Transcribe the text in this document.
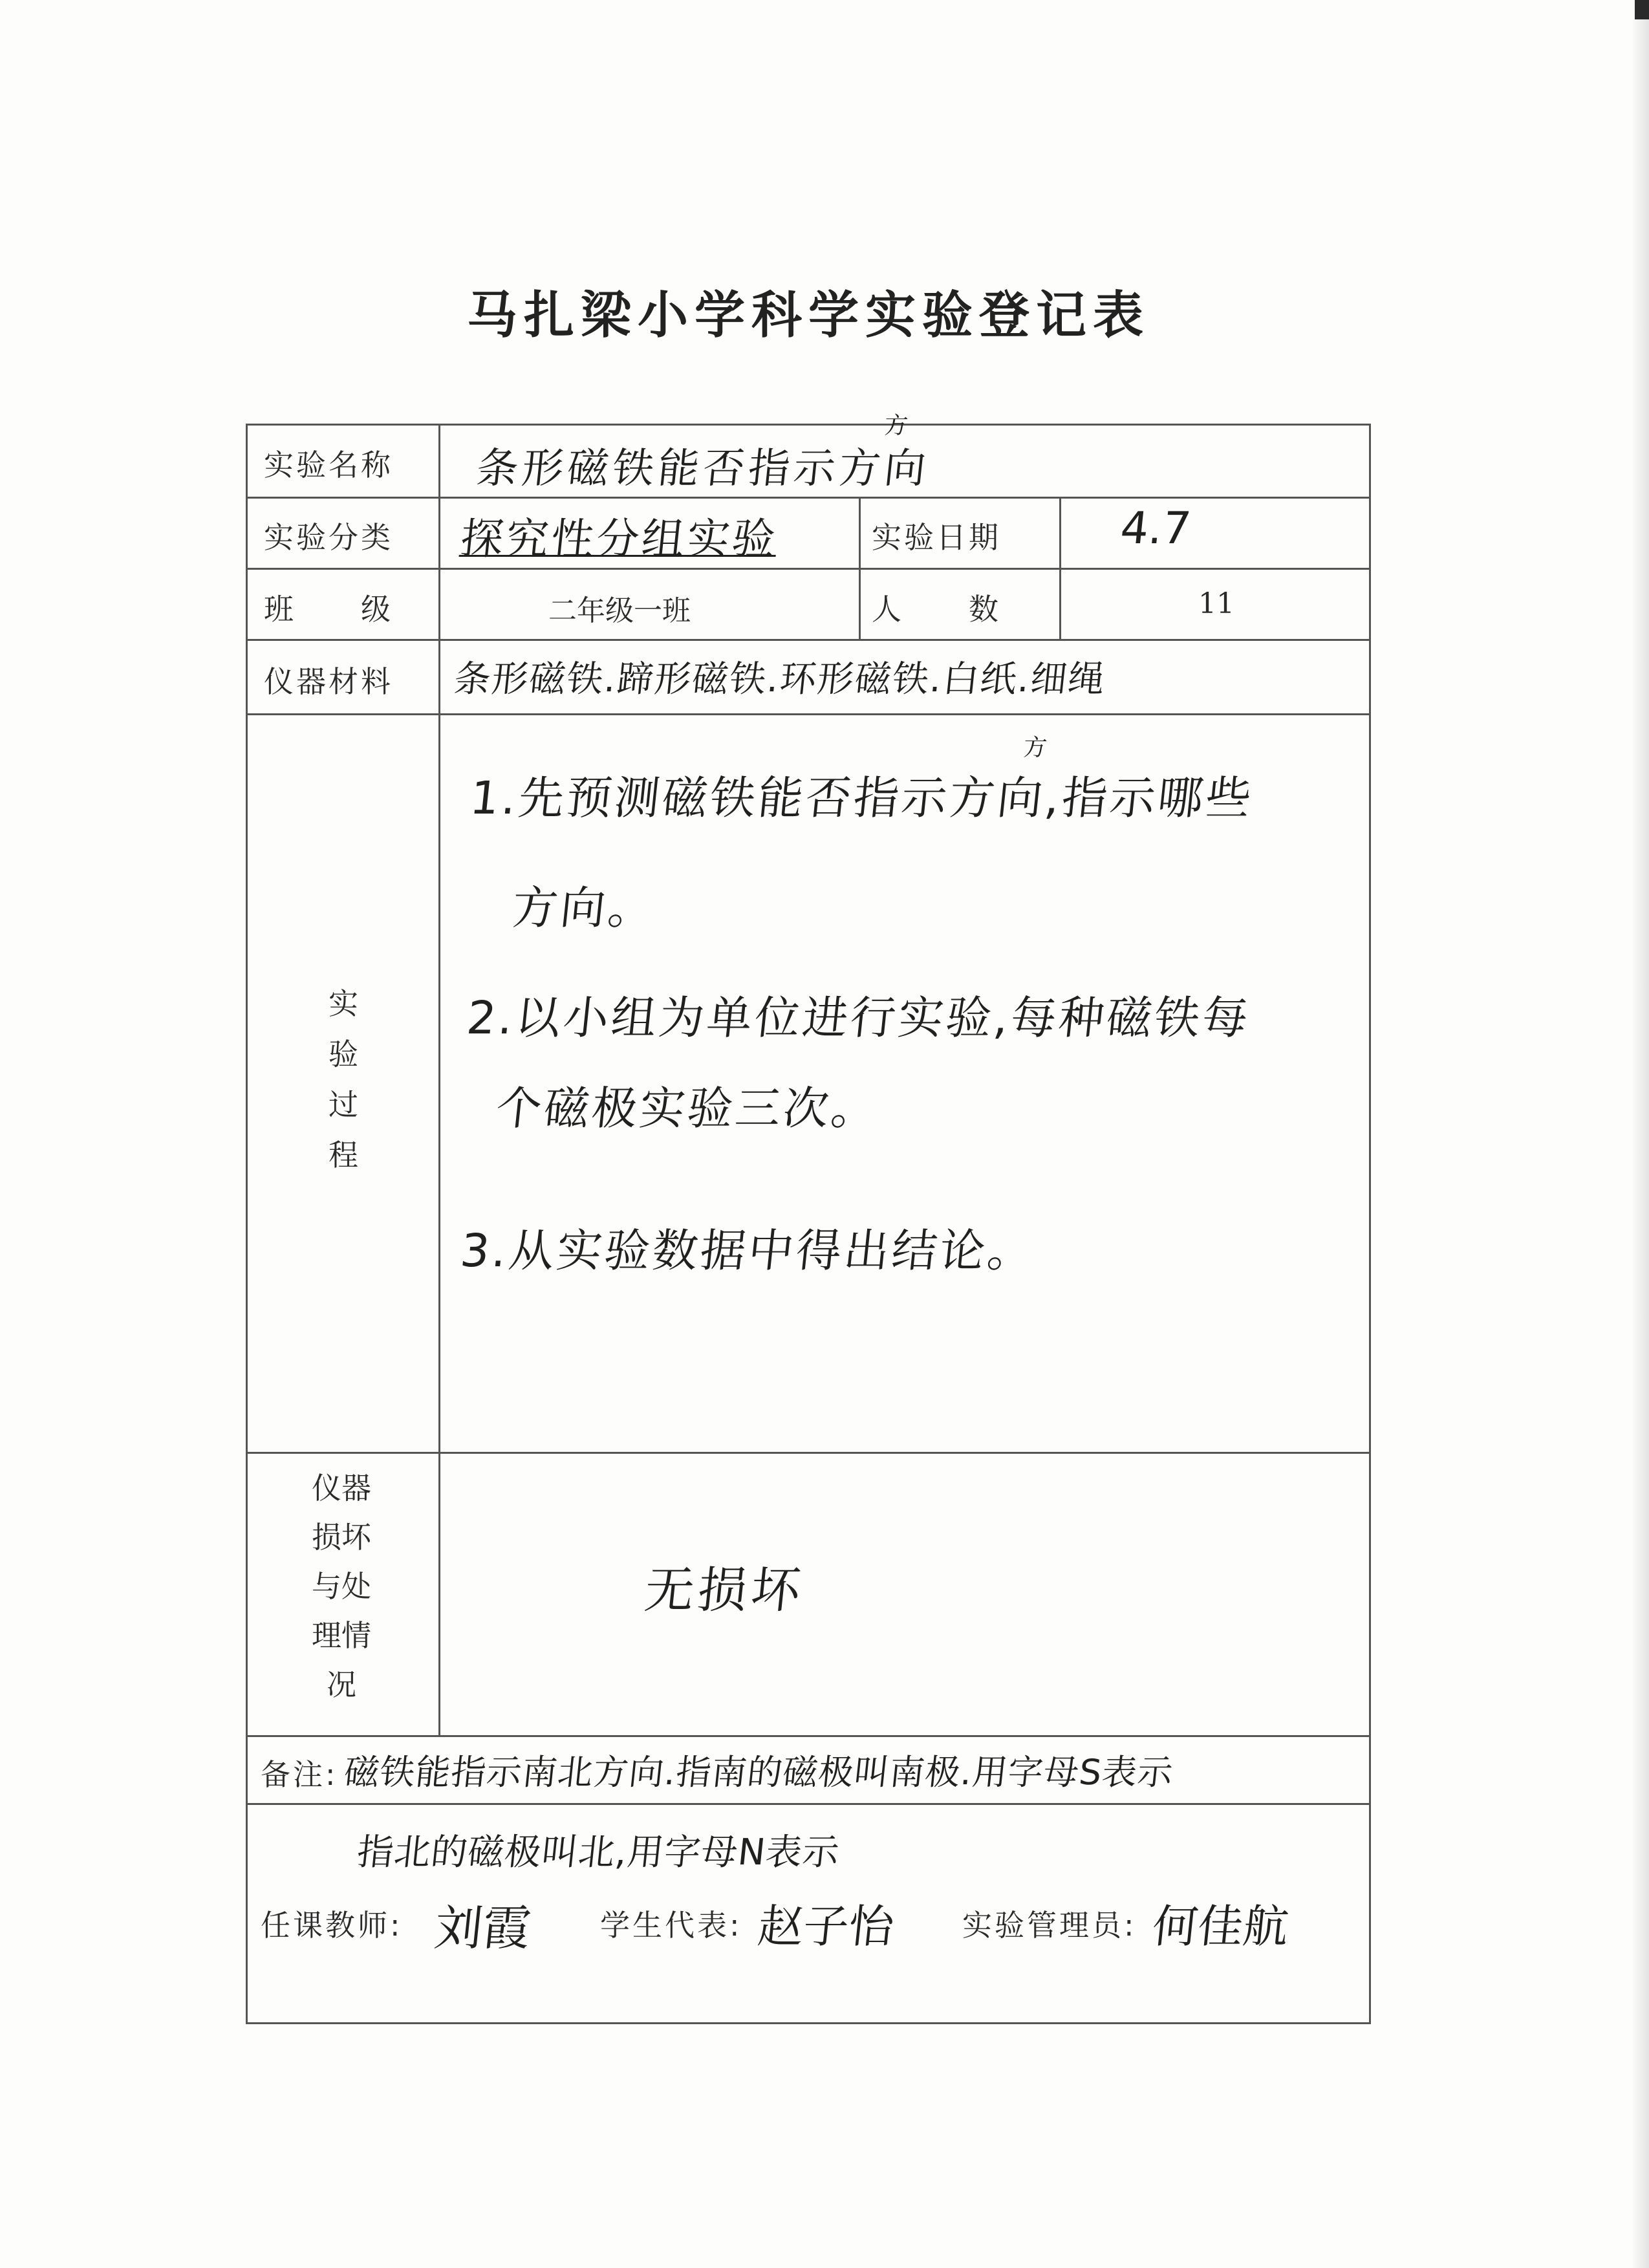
马扎梁小学科学实验登记表
实验名称 条形磁铁能否指示方向
方
实验分类 探究性分组实验	实验日期	4.7
班　　级	二年级一班	人　　数	11
仪器材料 条形磁铁.蹄形磁铁.环形磁铁.白纸.细绳
实
验
过
程
方
1.先预测磁铁能否指示方向,指示哪些
方向。
2.以小组为单位进行实验,每种磁铁每
个磁极实验三次。
3.从实验数据中得出结论。
仪器
损坏
与处
理情
况
无损坏
备注: 磁铁能指示南北方向.指南的磁极叫南极.用字母S表示
指北的磁极叫北,用字母N表示
任课教师: 刘霞 学生代表: 赵子怡 实验管理员: 何佳航
